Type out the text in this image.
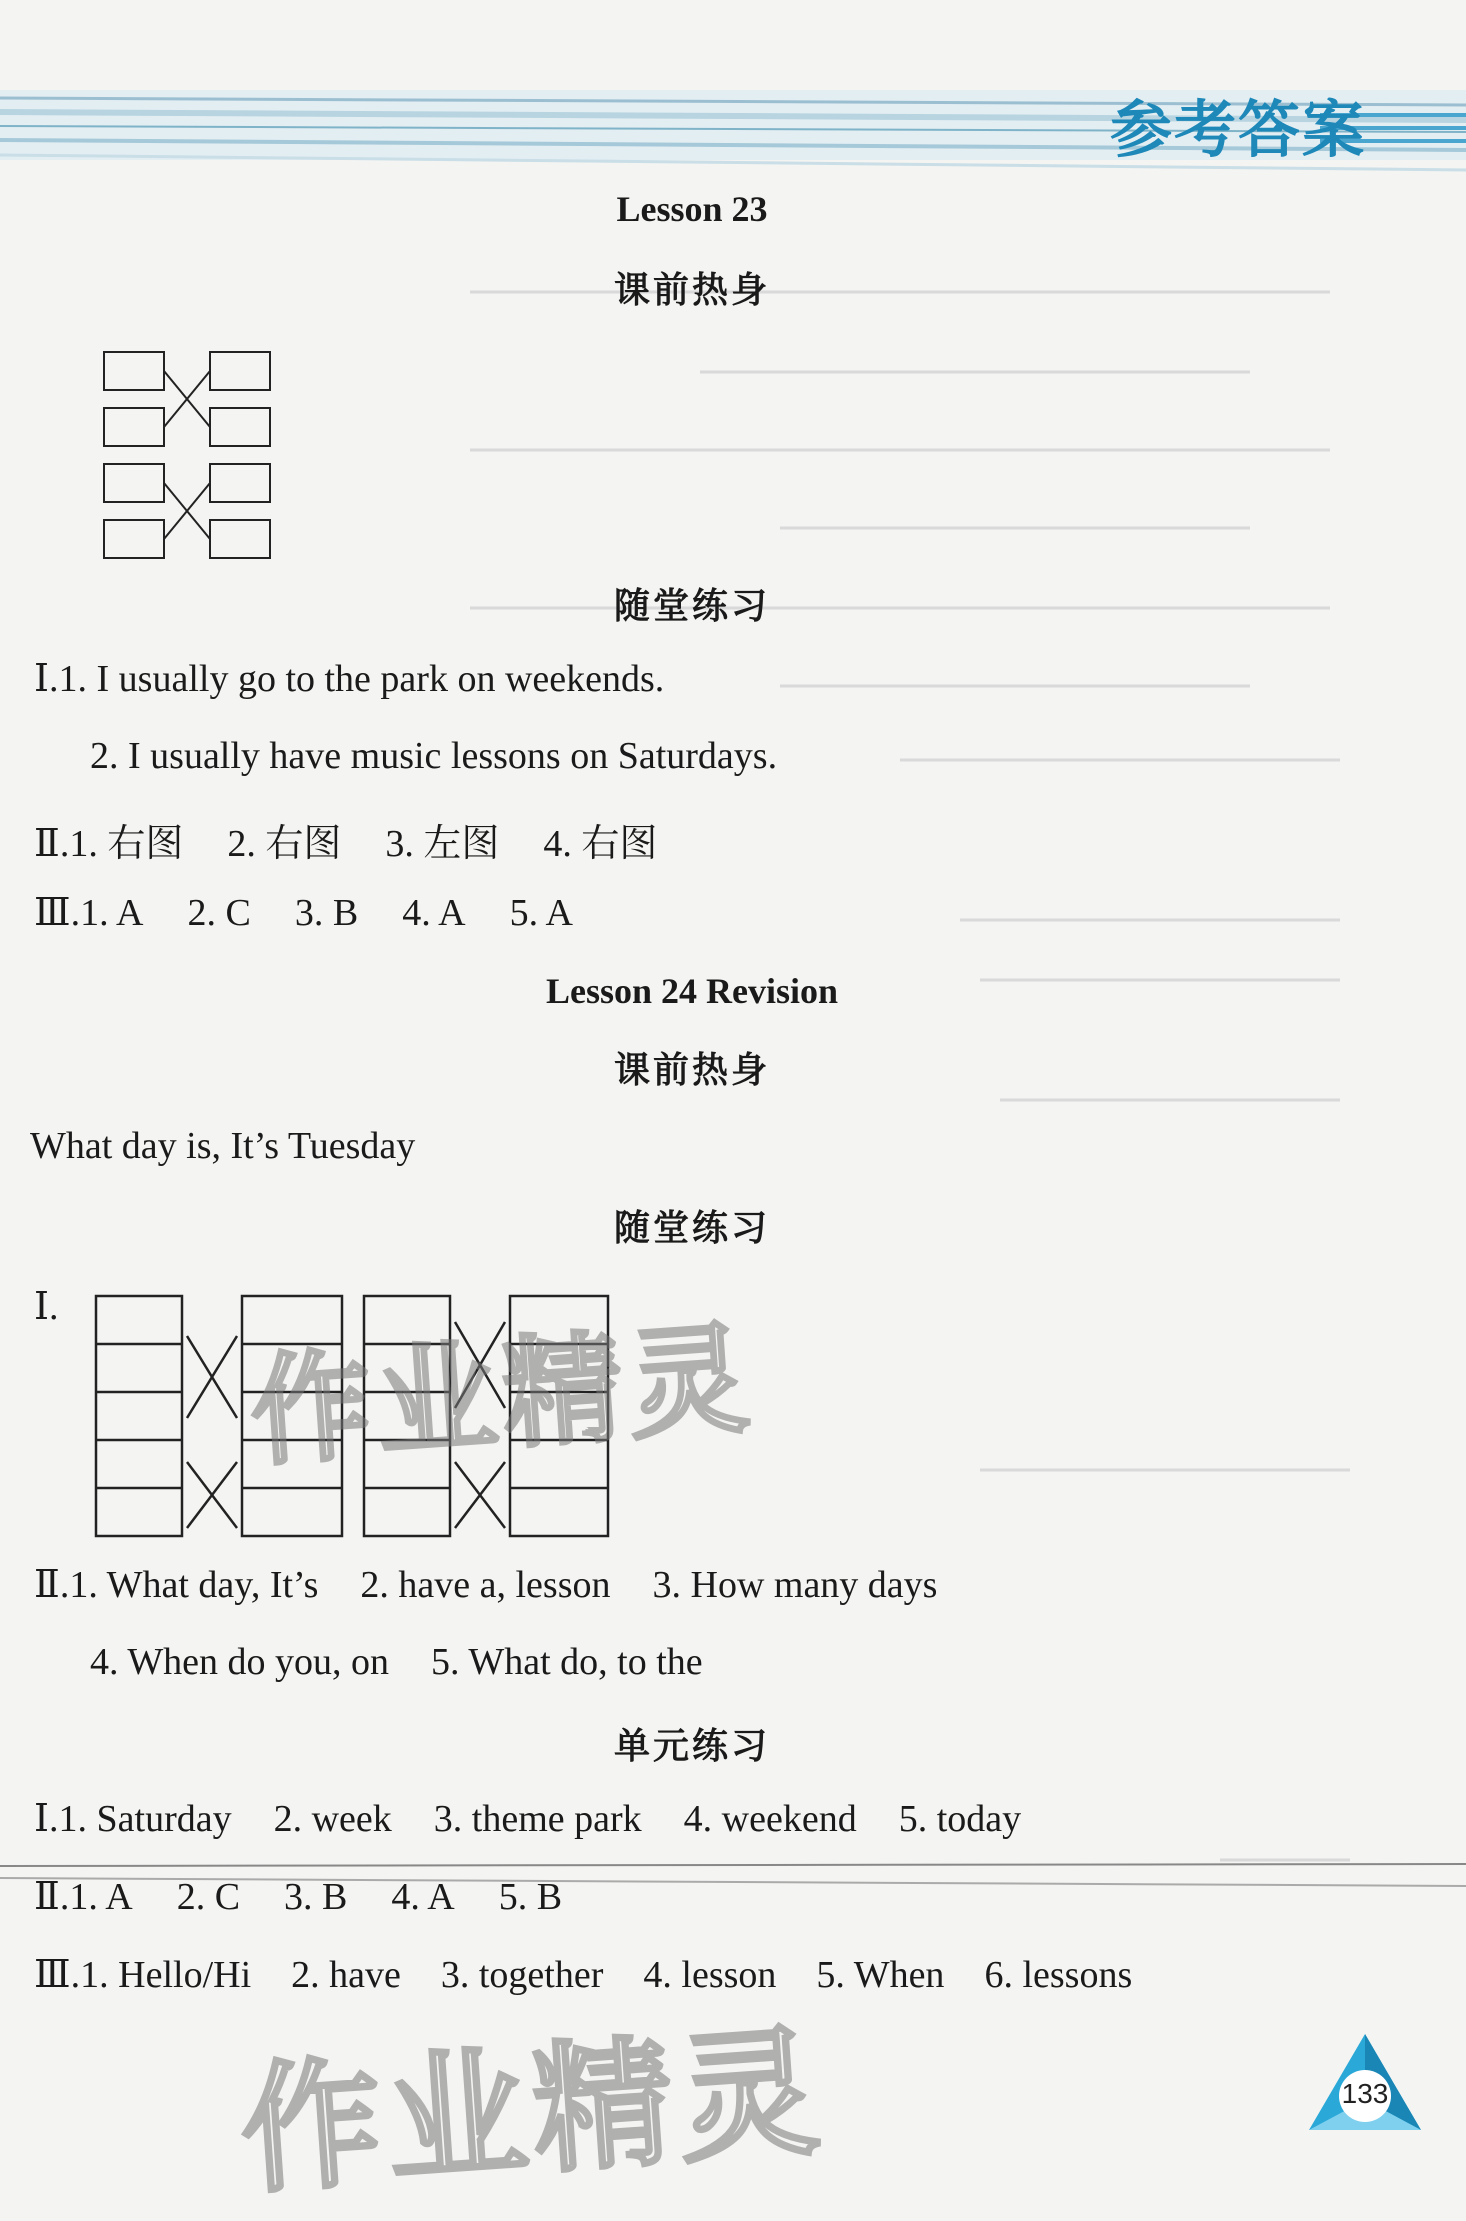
参考答案
Lesson 23
课前热身
随堂练习
Ⅰ.1. I usually go to the park on weekends.
2. I usually have music lessons on Saturdays.
Ⅱ.1. 右图 2. 右图 3. 左图 4. 右图
Ⅲ.1. A 2. C 3. B 4. A 5. A
Lesson 24 Revision
课前热身
What day is, It’s Tuesday
随堂练习
Ⅰ.
Ⅱ.1. What day, It’s 2. have a, lesson 3. How many days
4. When do you, on 5. What do, to the
单元练习
Ⅰ.1. Saturday 2. week 3. theme park 4. weekend 5. today
Ⅱ.1. A 2. C 3. B 4. A 5. B
Ⅲ.1. Hello/Hi 2. have 3. together 4. lesson 5. When 6. lessons
作业精灵
作业精灵	133
